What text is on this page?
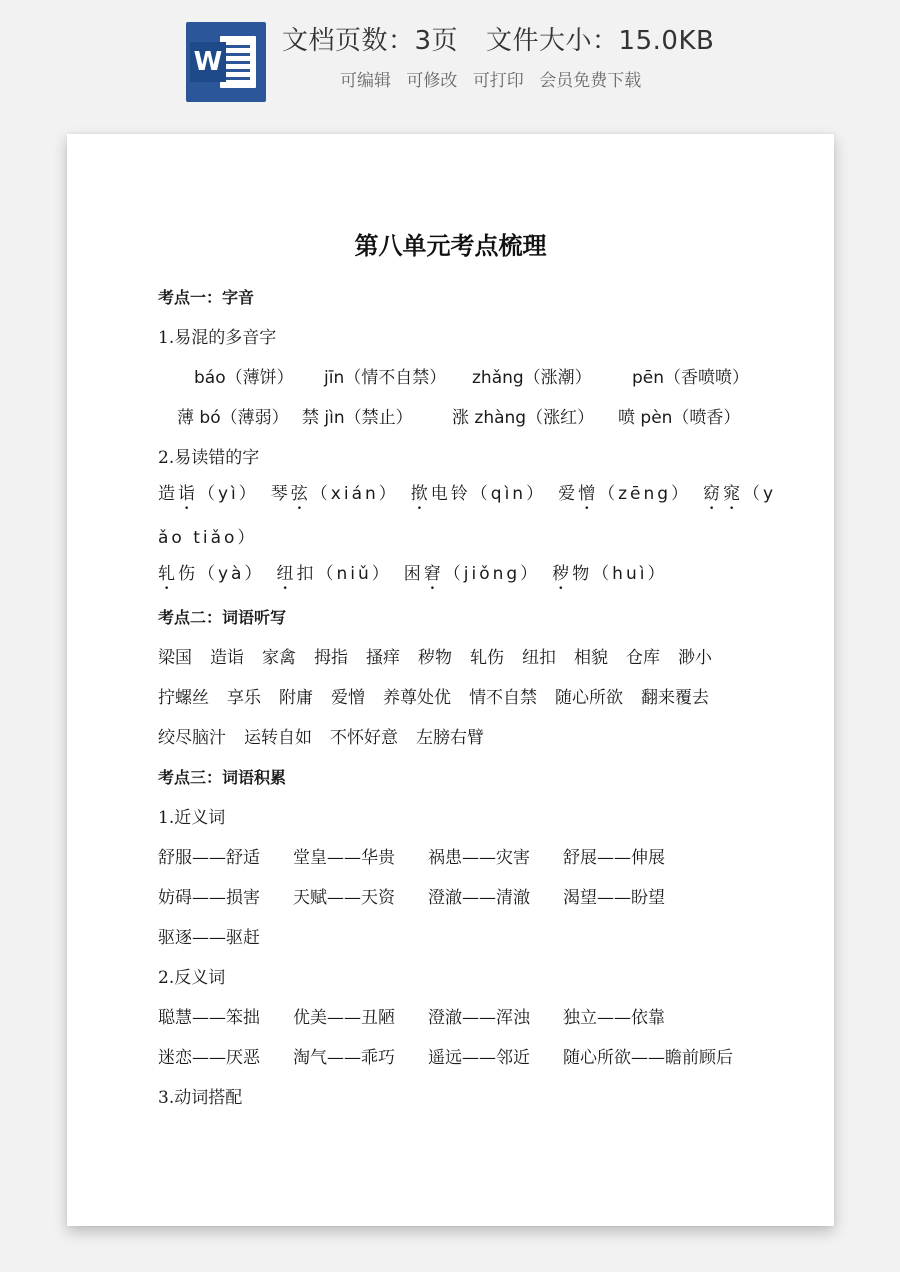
W
文档页数：3页 文件大小：15.0KB
可编辑 可修改 可打印 会员免费下载
第八单元考点梳理
考点一：字音
1.易混的多音字
báo（薄饼） jīn（情不自禁） zhǎng（涨潮） pēn（香喷喷）
薄 bó（薄弱） 禁 jìn（禁止） 涨 zhàng（涨红） 喷 pèn（喷香）
2.易读错的字
造诣（yì） 琴弦（xián） 揿电铃（qìn） 爱憎（zēng） 窈窕（y
ǎo tiǎo）
轧伤（yà） 纽扣（niǔ） 困窘（jiǒng） 秽物（huì）
考点二：词语听写
梁国 造诣 家禽 拇指 搔痒 秽物 轧伤 纽扣 相貌 仓库 渺小
拧螺丝 享乐 附庸 爱憎 养尊处优 情不自禁 随心所欲 翻来覆去
绞尽脑汁 运转自如 不怀好意 左膀右臂
考点三：词语积累
1.近义词
舒服——舒适 堂皇——华贵 祸患——灾害 舒展——伸展
妨碍——损害 天赋——天资 澄澈——清澈 渴望——盼望
驱逐——驱赶
2.反义词
聪慧——笨拙 优美——丑陋 澄澈——浑浊 独立——依靠
迷恋——厌恶 淘气——乖巧 遥远——邻近 随心所欲——瞻前顾后
3.动词搭配
